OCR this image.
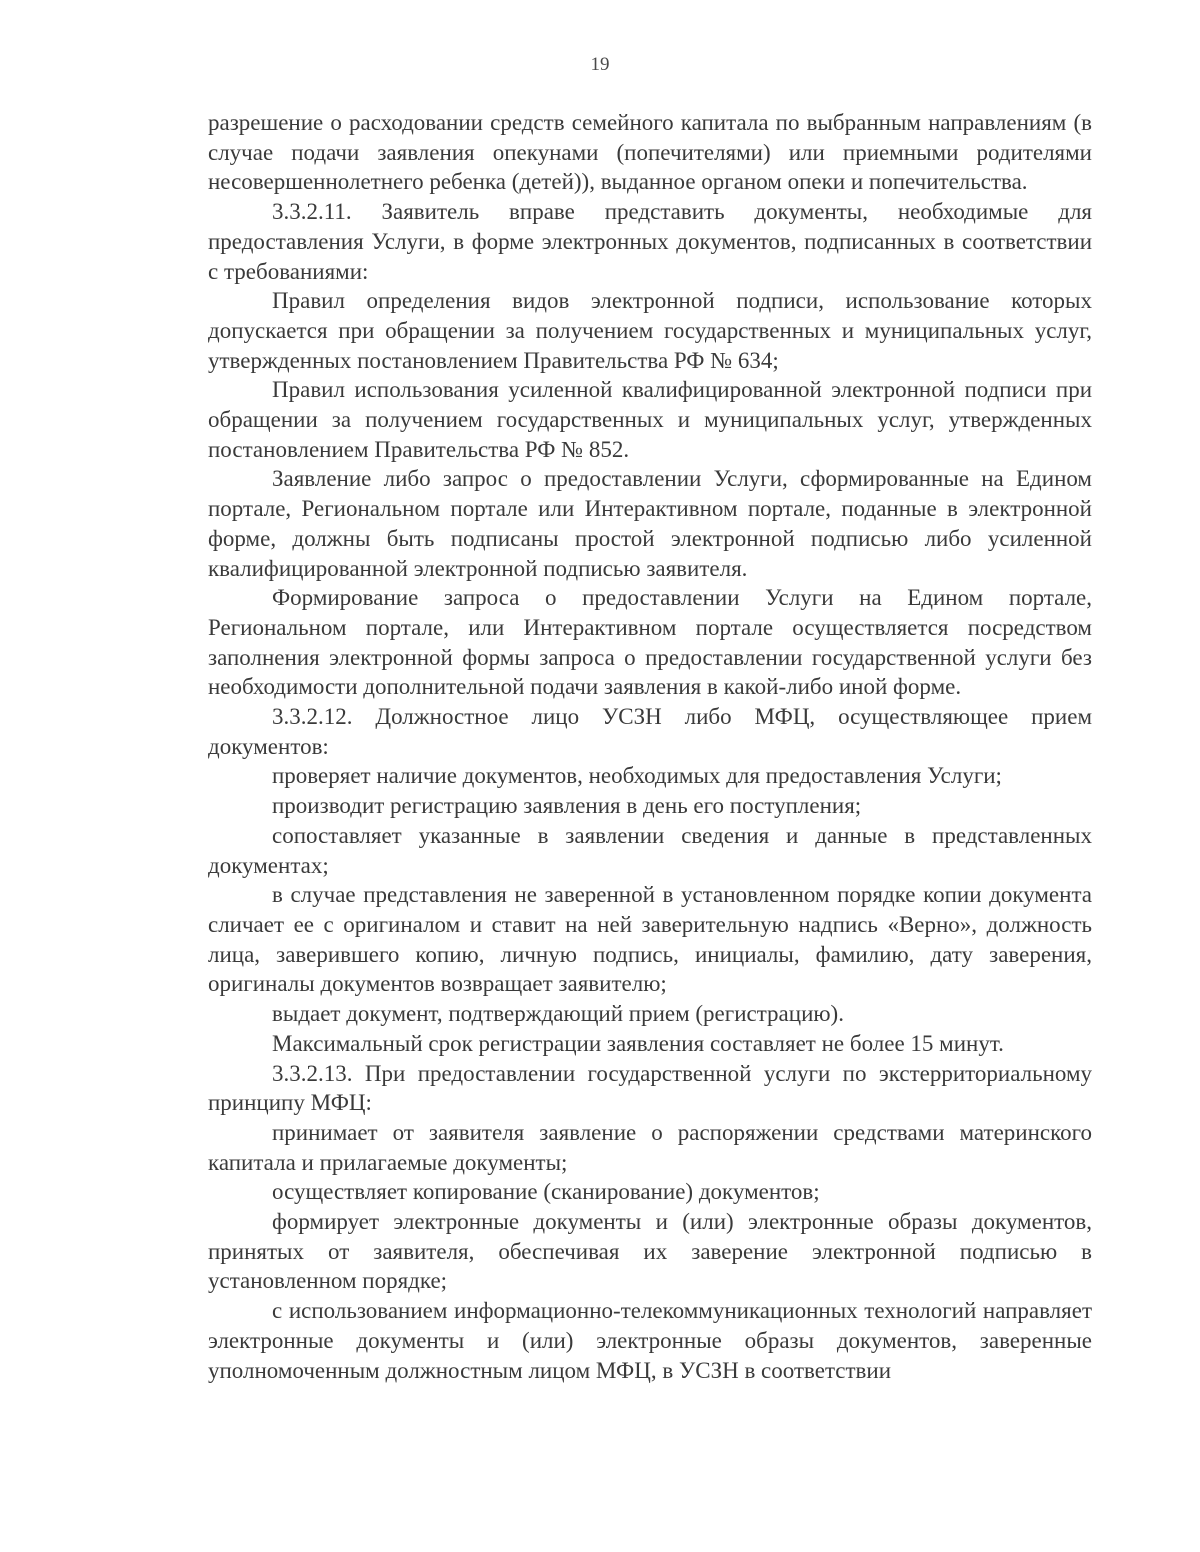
19

разрешение о расходовании средств семейного капитала по выбранным направлениям (в случае подачи заявления опекунами (попечителями) или приемными родителями несовершеннолетнего ребенка (детей)), выданное органом опеки и попечительства.

3.3.2.11. Заявитель вправе представить документы, необходимые для предоставления Услуги, в форме электронных документов, подписанных в соответствии с требованиями:

Правил определения видов электронной подписи, использование которых допускается при обращении за получением государственных и муниципальных услуг, утвержденных постановлением Правительства РФ № 634;

Правил использования усиленной квалифицированной электронной подписи при обращении за получением государственных и муниципальных услуг, утвержденных постановлением Правительства РФ № 852.

Заявление либо запрос о предоставлении Услуги, сформированные на Едином портале, Региональном портале или Интерактивном портале, поданные в электронной форме, должны быть подписаны простой электронной подписью либо усиленной квалифицированной электронной подписью заявителя.

Формирование запроса о предоставлении Услуги на Едином портале, Региональном портале, или Интерактивном портале осуществляется посредством заполнения электронной формы запроса о предоставлении государственной услуги без необходимости дополнительной подачи заявления в какой-либо иной форме.

3.3.2.12. Должностное лицо УСЗН либо МФЦ, осуществляющее прием документов:

проверяет наличие документов, необходимых для предоставления Услуги;

производит регистрацию заявления в день его поступления;

сопоставляет указанные в заявлении сведения и данные в представленных документах;

в случае представления не заверенной в установленном порядке копии документа сличает ее с оригиналом и ставит на ней заверительную надпись «Верно», должность лица, заверившего копию, личную подпись, инициалы, фамилию, дату заверения, оригиналы документов возвращает заявителю;

выдает документ, подтверждающий прием (регистрацию).

Максимальный срок регистрации заявления составляет не более 15 минут.

3.3.2.13. При предоставлении государственной услуги по экстерриториальному принципу МФЦ:

принимает от заявителя заявление о распоряжении средствами материнского капитала и прилагаемые документы;

осуществляет копирование (сканирование) документов;

формирует электронные документы и (или) электронные образы документов, принятых от заявителя, обеспечивая их заверение электронной подписью в установленном порядке;

с использованием информационно-телекоммуникационных технологий направляет электронные документы и (или) электронные образы документов, заверенные уполномоченным должностным лицом МФЦ, в УСЗН в соответствии
